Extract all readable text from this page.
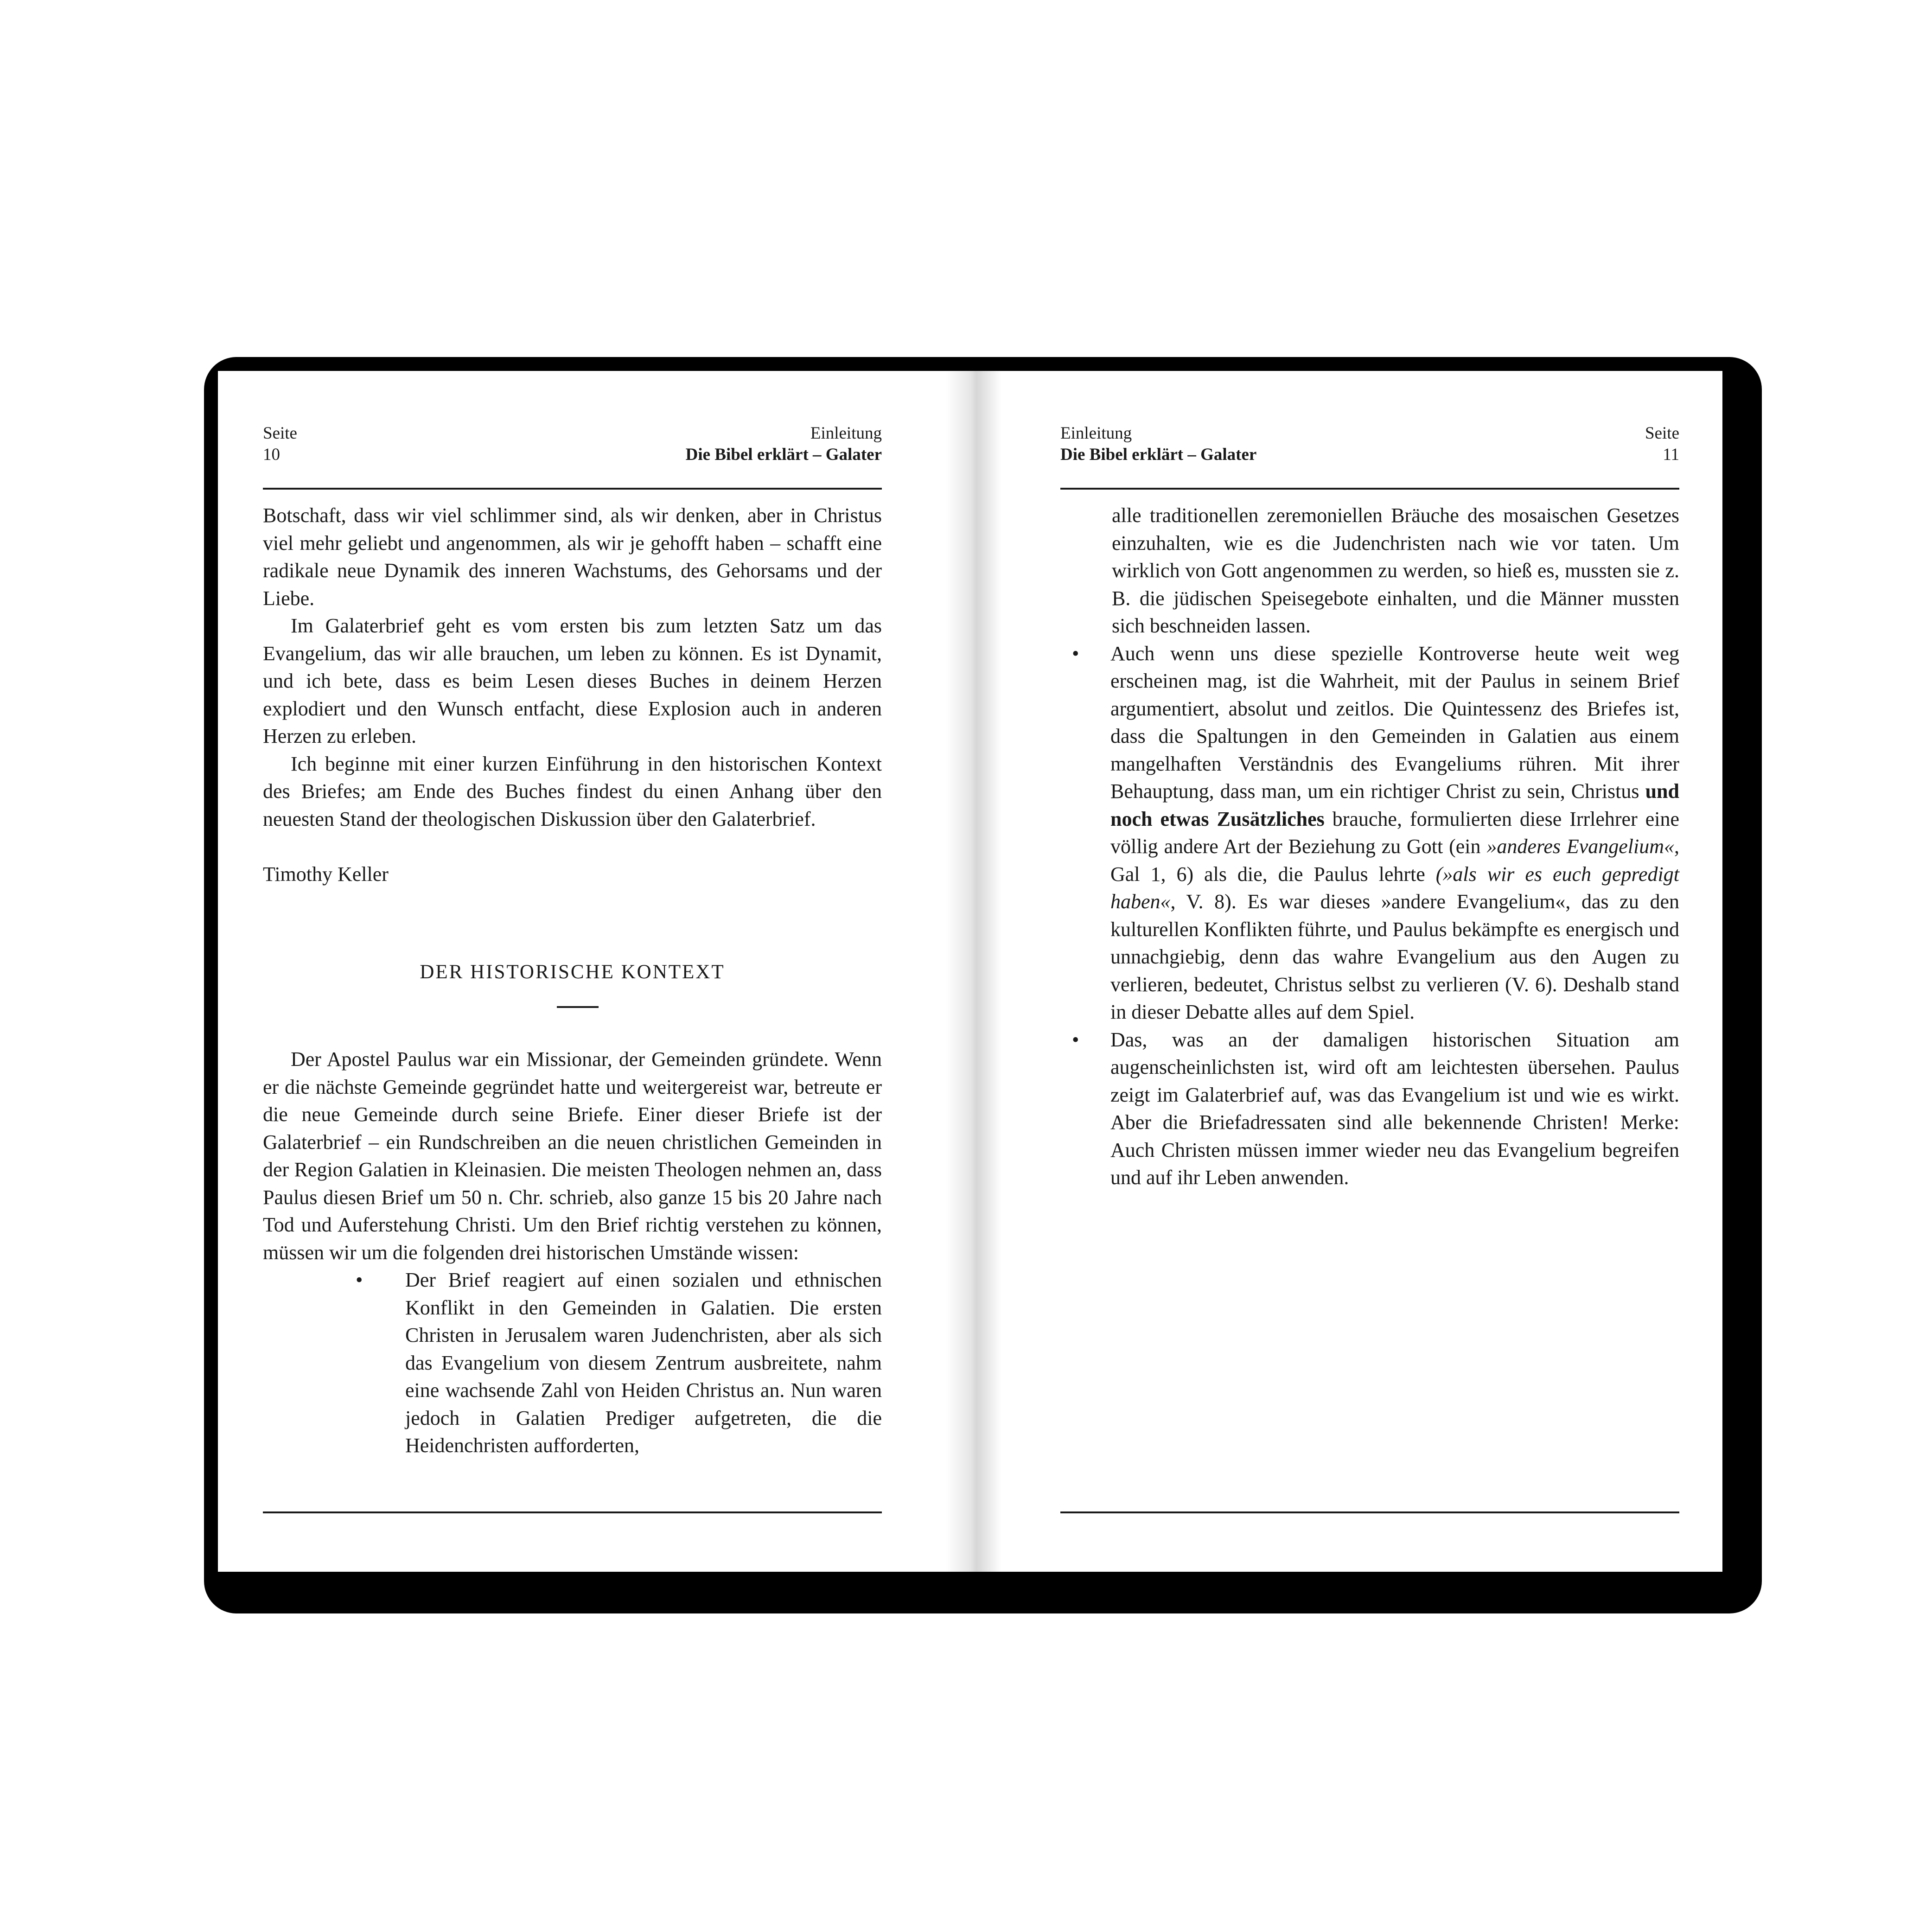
Seite
10
Einleitung
Die Bibel erklärt – Galater

Botschaft, dass wir viel schlimmer sind, als wir denken, aber in Christus viel mehr geliebt und angenommen, als wir je gehofft haben – schafft eine radikale neue Dynamik des inneren Wachstums, des Gehorsams und der Liebe.

Im Galaterbrief geht es vom ersten bis zum letzten Satz um das Evangelium, das wir alle brauchen, um leben zu können. Es ist Dynamit, und ich bete, dass es beim Lesen dieses Buches in deinem Herzen explodiert und den Wunsch entfacht, diese Explosion auch in anderen Herzen zu erleben.

Ich beginne mit einer kurzen Einführung in den historischen Kontext des Briefes; am Ende des Buches findest du einen Anhang über den neuesten Stand der theologischen Diskussion über den Galaterbrief.

Timothy Keller

DER HISTORISCHE KONTEXT

Der Apostel Paulus war ein Missionar, der Gemeinden gründete. Wenn er die nächste Gemeinde gegründet hatte und weitergereist war, betreute er die neue Gemeinde durch seine Briefe. Einer dieser Briefe ist der Galaterbrief – ein Rundschreiben an die neuen christlichen Gemeinden in der Region Galatien in Kleinasien. Die meisten Theologen nehmen an, dass Paulus diesen Brief um 50 n. Chr. schrieb, also ganze 15 bis 20 Jahre nach Tod und Auferstehung Christi. Um den Brief richtig verstehen zu können, müssen wir um die folgenden drei historischen Umstände wissen:

• Der Brief reagiert auf einen sozialen und ethnischen Konflikt in den Gemeinden in Galatien. Die ersten Christen in Jerusalem waren Judenchristen, aber als sich das Evangelium von diesem Zentrum ausbreitete, nahm eine wachsende Zahl von Heiden Christus an. Nun waren jedoch in Galatien Prediger aufgetreten, die die Heidenchristen aufforderten,
Einleitung
Die Bibel erklärt – Galater
Seite
11

alle traditionellen zeremoniellen Bräuche des mosaischen Gesetzes einzuhalten, wie es die Judenchristen nach wie vor taten. Um wirklich von Gott angenommen zu werden, so hieß es, mussten sie z. B. die jüdischen Speisegebote einhalten, und die Männer mussten sich beschneiden lassen.

• Auch wenn uns diese spezielle Kontroverse heute weit weg erscheinen mag, ist die Wahrheit, mit der Paulus in seinem Brief argumentiert, absolut und zeitlos. Die Quintessenz des Briefes ist, dass die Spaltungen in den Gemeinden in Galatien aus einem mangelhaften Verständnis des Evangeliums rühren. Mit ihrer Behauptung, dass man, um ein richtiger Christ zu sein, Christus und noch etwas Zusätzliches brauche, formulierten diese Irrlehrer eine völlig andere Art der Beziehung zu Gott (ein »anderes Evangelium«, Gal 1, 6) als die, die Paulus lehrte (»als wir es euch gepredigt haben«, V. 8). Es war dieses »andere Evangelium«, das zu den kulturellen Konflikten führte, und Paulus bekämpfte es energisch und unnachgiebig, denn das wahre Evangelium aus den Augen zu verlieren, bedeutet, Christus selbst zu verlieren (V. 6). Deshalb stand in dieser Debatte alles auf dem Spiel.
• Das, was an der damaligen historischen Situation am augenscheinlichsten ist, wird oft am leichtesten übersehen. Paulus zeigt im Galaterbrief auf, was das Evangelium ist und wie es wirkt. Aber die Briefadressaten sind alle bekennende Christen! Merke: Auch Christen müssen immer wieder neu das Evangelium begreifen und auf ihr Leben anwenden.
